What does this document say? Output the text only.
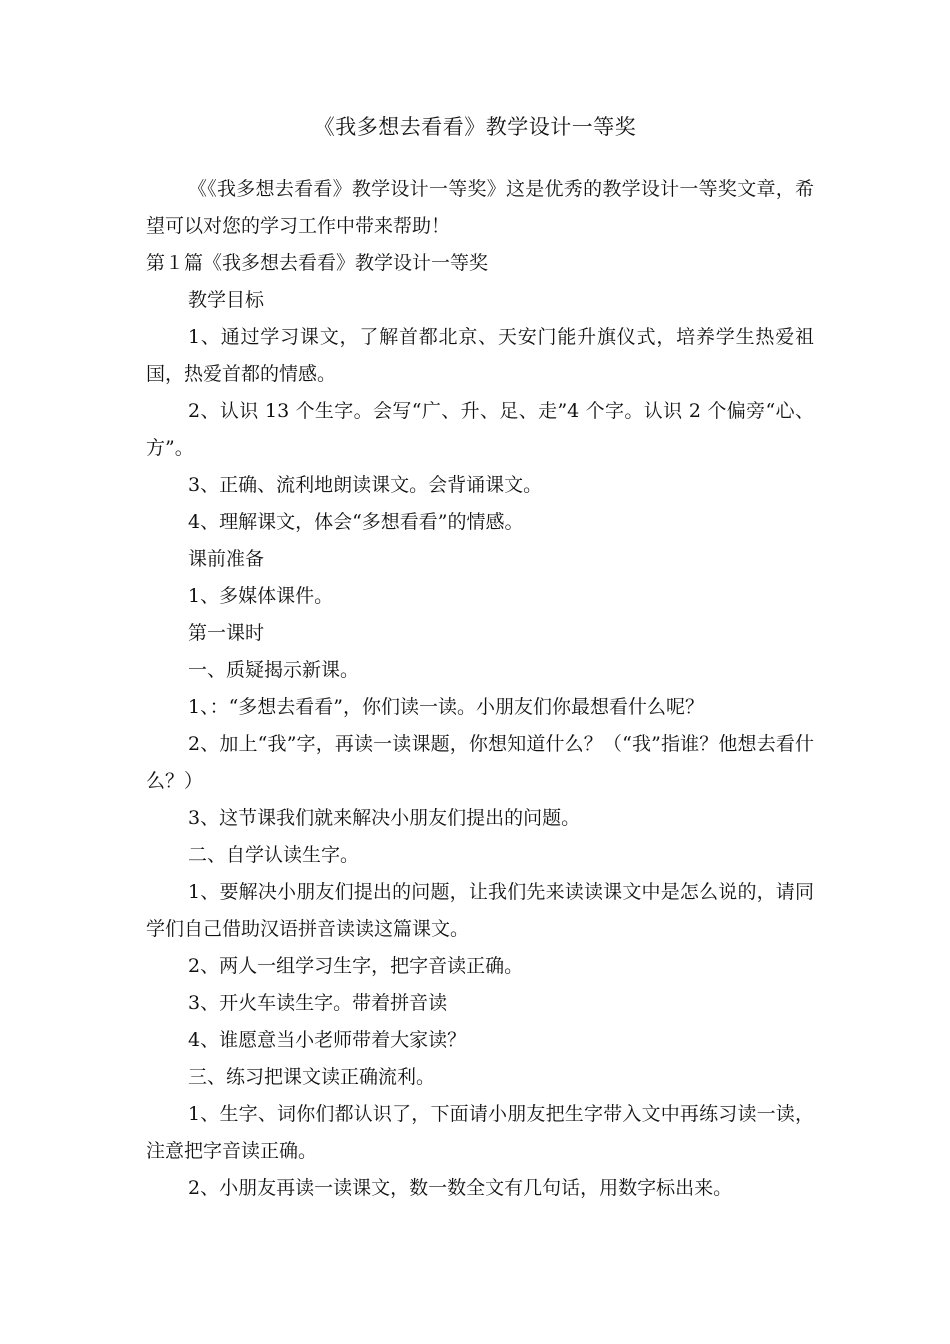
《我多想去看看》教学设计一等奖

《《我多想去看看》教学设计一等奖》这是优秀的教学设计一等奖文章，希望可以对您的学习工作中带来帮助！

第１篇《我多想去看看》教学设计一等奖

教学目标

1、通过学习课文，了解首都北京、天安门能升旗仪式，培养学生热爱祖国，热爱首都的情感。

2、认识 13 个生字。会写“广、升、足、走”4 个字。认识 2 个偏旁“心、方”。

3、正确、流利地朗读课文。会背诵课文。

4、理解课文，体会“多想看看”的情感。

课前准备

1、多媒体课件。

第一课时

一、质疑揭示新课。

1、：“多想去看看”，你们读一读。小朋友们你最想看什么呢？

2、加上“我”字，再读一读课题，你想知道什么？（“我”指谁？他想去看什么？）

3、这节课我们就来解决小朋友们提出的问题。

二、自学认读生字。

1、要解决小朋友们提出的问题，让我们先来读读课文中是怎么说的，请同学们自己借助汉语拼音读读这篇课文。

2、两人一组学习生字，把字音读正确。

3、开火车读生字。带着拼音读

4、谁愿意当小老师带着大家读？

三、练习把课文读正确流利。

1、生字、词你们都认识了，下面请小朋友把生字带入文中再练习读一读，注意把字音读正确。

2、小朋友再读一读课文，数一数全文有几句话，用数字标出来。
